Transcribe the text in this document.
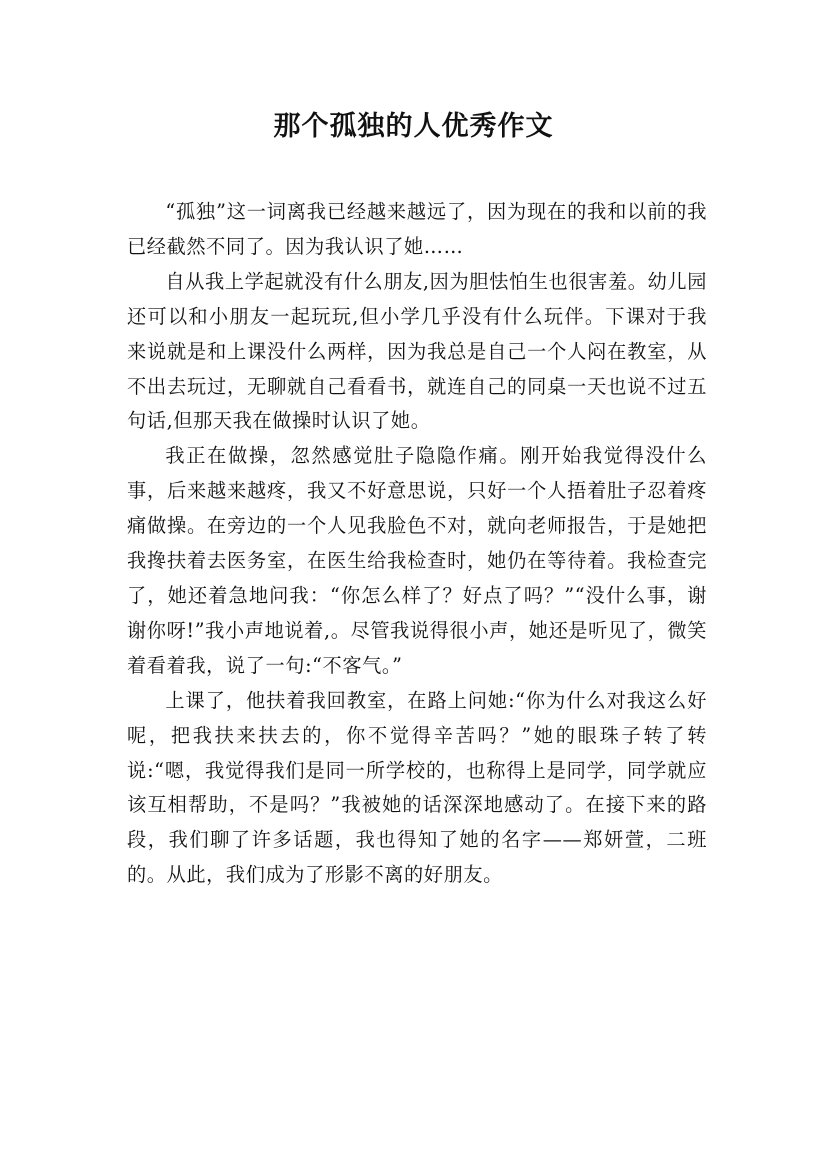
那个孤独的人优秀作文

“孤独”这一词离我已经越来越远了，因为现在的我和以前的我已经截然不同了。因为我认识了她……

自从我上学起就没有什么朋友,因为胆怯怕生也很害羞。幼儿园还可以和小朋友一起玩玩,但小学几乎没有什么玩伴。下课对于我来说就是和上课没什么两样，因为我总是自己一个人闷在教室，从不出去玩过，无聊就自己看看书，就连自己的同桌一天也说不过五句话,但那天我在做操时认识了她。

我正在做操，忽然感觉肚子隐隐作痛。刚开始我觉得没什么事，后来越来越疼，我又不好意思说，只好一个人捂着肚子忍着疼痛做操。在旁边的一个人见我脸色不对，就向老师报告，于是她把我搀扶着去医务室，在医生给我检查时，她仍在等待着。我检查完了，她还着急地问我：“你怎么样了？好点了吗？”“没什么事，谢谢你呀!”我小声地说着,。尽管我说得很小声，她还是听见了，微笑着看着我，说了一句:“不客气。”

上课了，他扶着我回教室，在路上问她:“你为什么对我这么好呢，把我扶来扶去的，你不觉得辛苦吗？”她的眼珠子转了转说:“嗯，我觉得我们是同一所学校的，也称得上是同学，同学就应该互相帮助，不是吗？”我被她的话深深地感动了。在接下来的路段，我们聊了许多话题，我也得知了她的名字——郑妍萱，二班的。从此，我们成为了形影不离的好朋友。
